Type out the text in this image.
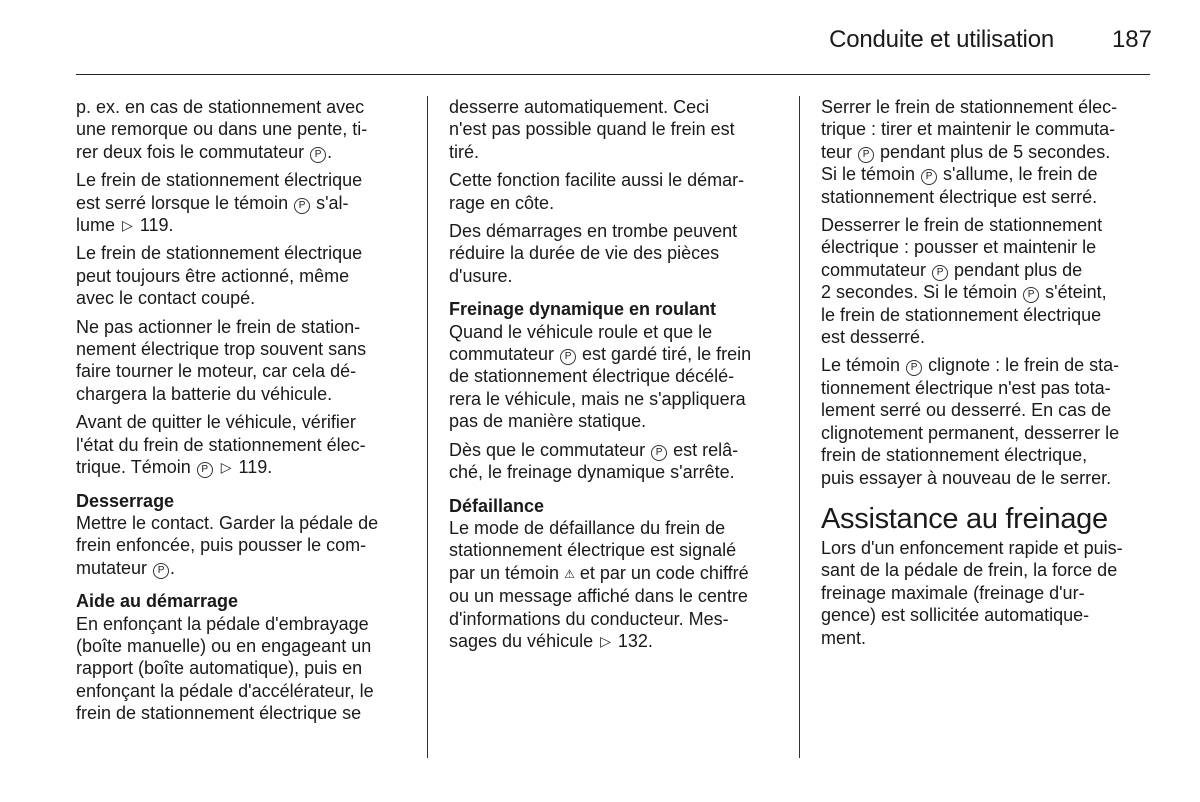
Conduite et utilisation 187
p. ex. en cas de stationnement avec
une remorque ou dans une pente, ti-
rer deux fois le commutateur P .
Le frein de stationnement électrique
est serré lorsque le témoin P s'al-
lume ▷ 119.
Le frein de stationnement électrique
peut toujours être actionné, même
avec le contact coupé.
Ne pas actionner le frein de station-
nement électrique trop souvent sans
faire tourner le moteur, car cela dé-
chargera la batterie du véhicule.
Avant de quitter le véhicule, vérifier
l'état du frein de stationnement élec-
trique. Témoin P ▷ 119.
Desserrage
Mettre le contact. Garder la pédale de
frein enfoncée, puis pousser le com-
mutateur P .
Aide au démarrage
En enfonçant la pédale d'embrayage
(boîte manuelle) ou en engageant un
rapport (boîte automatique), puis en
enfonçant la pédale d'accélérateur, le
frein de stationnement électrique se
desserre automatiquement. Ceci
n'est pas possible quand le frein est
tiré.
Cette fonction facilite aussi le démar-
rage en côte.
Des démarrages en trombe peuvent
réduire la durée de vie des pièces
d'usure.
Freinage dynamique en roulant
Quand le véhicule roule et que le
commutateur P est gardé tiré, le frein
de stationnement électrique décélé-
rera le véhicule, mais ne s'appliquera
pas de manière statique.
Dès que le commutateur P est relâ-
ché, le freinage dynamique s'arrête.
Défaillance
Le mode de défaillance du frein de
stationnement électrique est signalé
par un témoin ⚠ et par un code chiffré
ou un message affiché dans le centre
d'informations du conducteur. Mes-
sages du véhicule ▷ 132.
Serrer le frein de stationnement élec-
trique : tirer et maintenir le commuta-
teur P pendant plus de 5 secondes.
Si le témoin P s'allume, le frein de
stationnement électrique est serré.
Desserrer le frein de stationnement
électrique : pousser et maintenir le
commutateur P pendant plus de
2 secondes. Si le témoin P s'éteint,
le frein de stationnement électrique
est desserré.
Le témoin P clignote : le frein de sta-
tionnement électrique n'est pas tota-
lement serré ou desserré. En cas de
clignotement permanent, desserrer le
frein de stationnement électrique,
puis essayer à nouveau de le serrer.
Assistance au freinage
Lors d'un enfoncement rapide et puis-
sant de la pédale de frein, la force de
freinage maximale (freinage d'ur-
gence) est sollicitée automatique-
ment.
